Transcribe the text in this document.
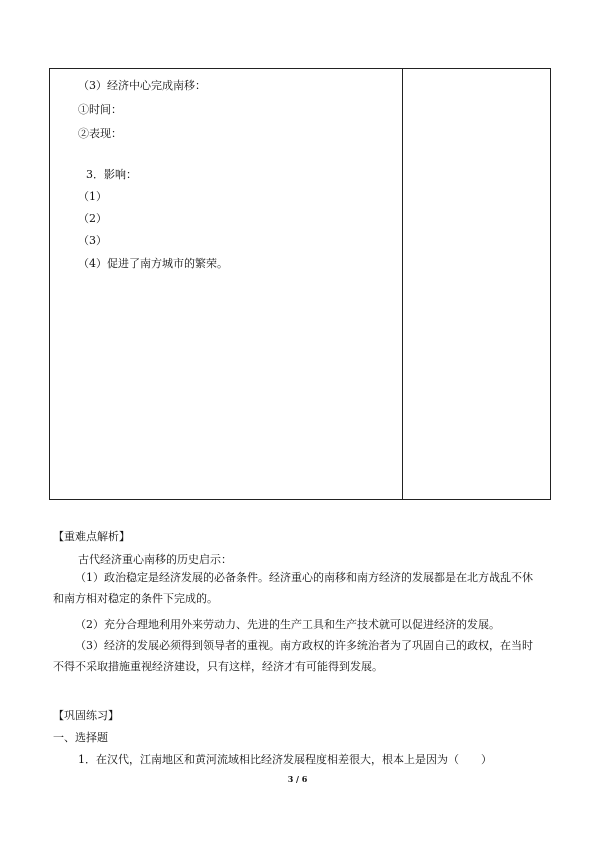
（3）经济中心完成南移：
①时间：
②表现：
3．影响：
（1）
（2）
（3）
（4）促进了南方城市的繁荣。
【重难点解析】
古代经济重心南移的历史启示：
（1）政治稳定是经济发展的必备条件。经济重心的南移和南方经济的发展都是在北方战乱不休和南方相对稳定的条件下完成的。
（2）充分合理地利用外来劳动力、先进的生产工具和生产技术就可以促进经济的发展。
（3）经济的发展必须得到领导者的重视。南方政权的许多统治者为了巩固自己的政权，在当时不得不采取措施重视经济建设，只有这样，经济才有可能得到发展。
【巩固练习】
一、选择题
1．在汉代，江南地区和黄河流域相比经济发展程度相差很大，根本上是因为（　　）
3 / 6
